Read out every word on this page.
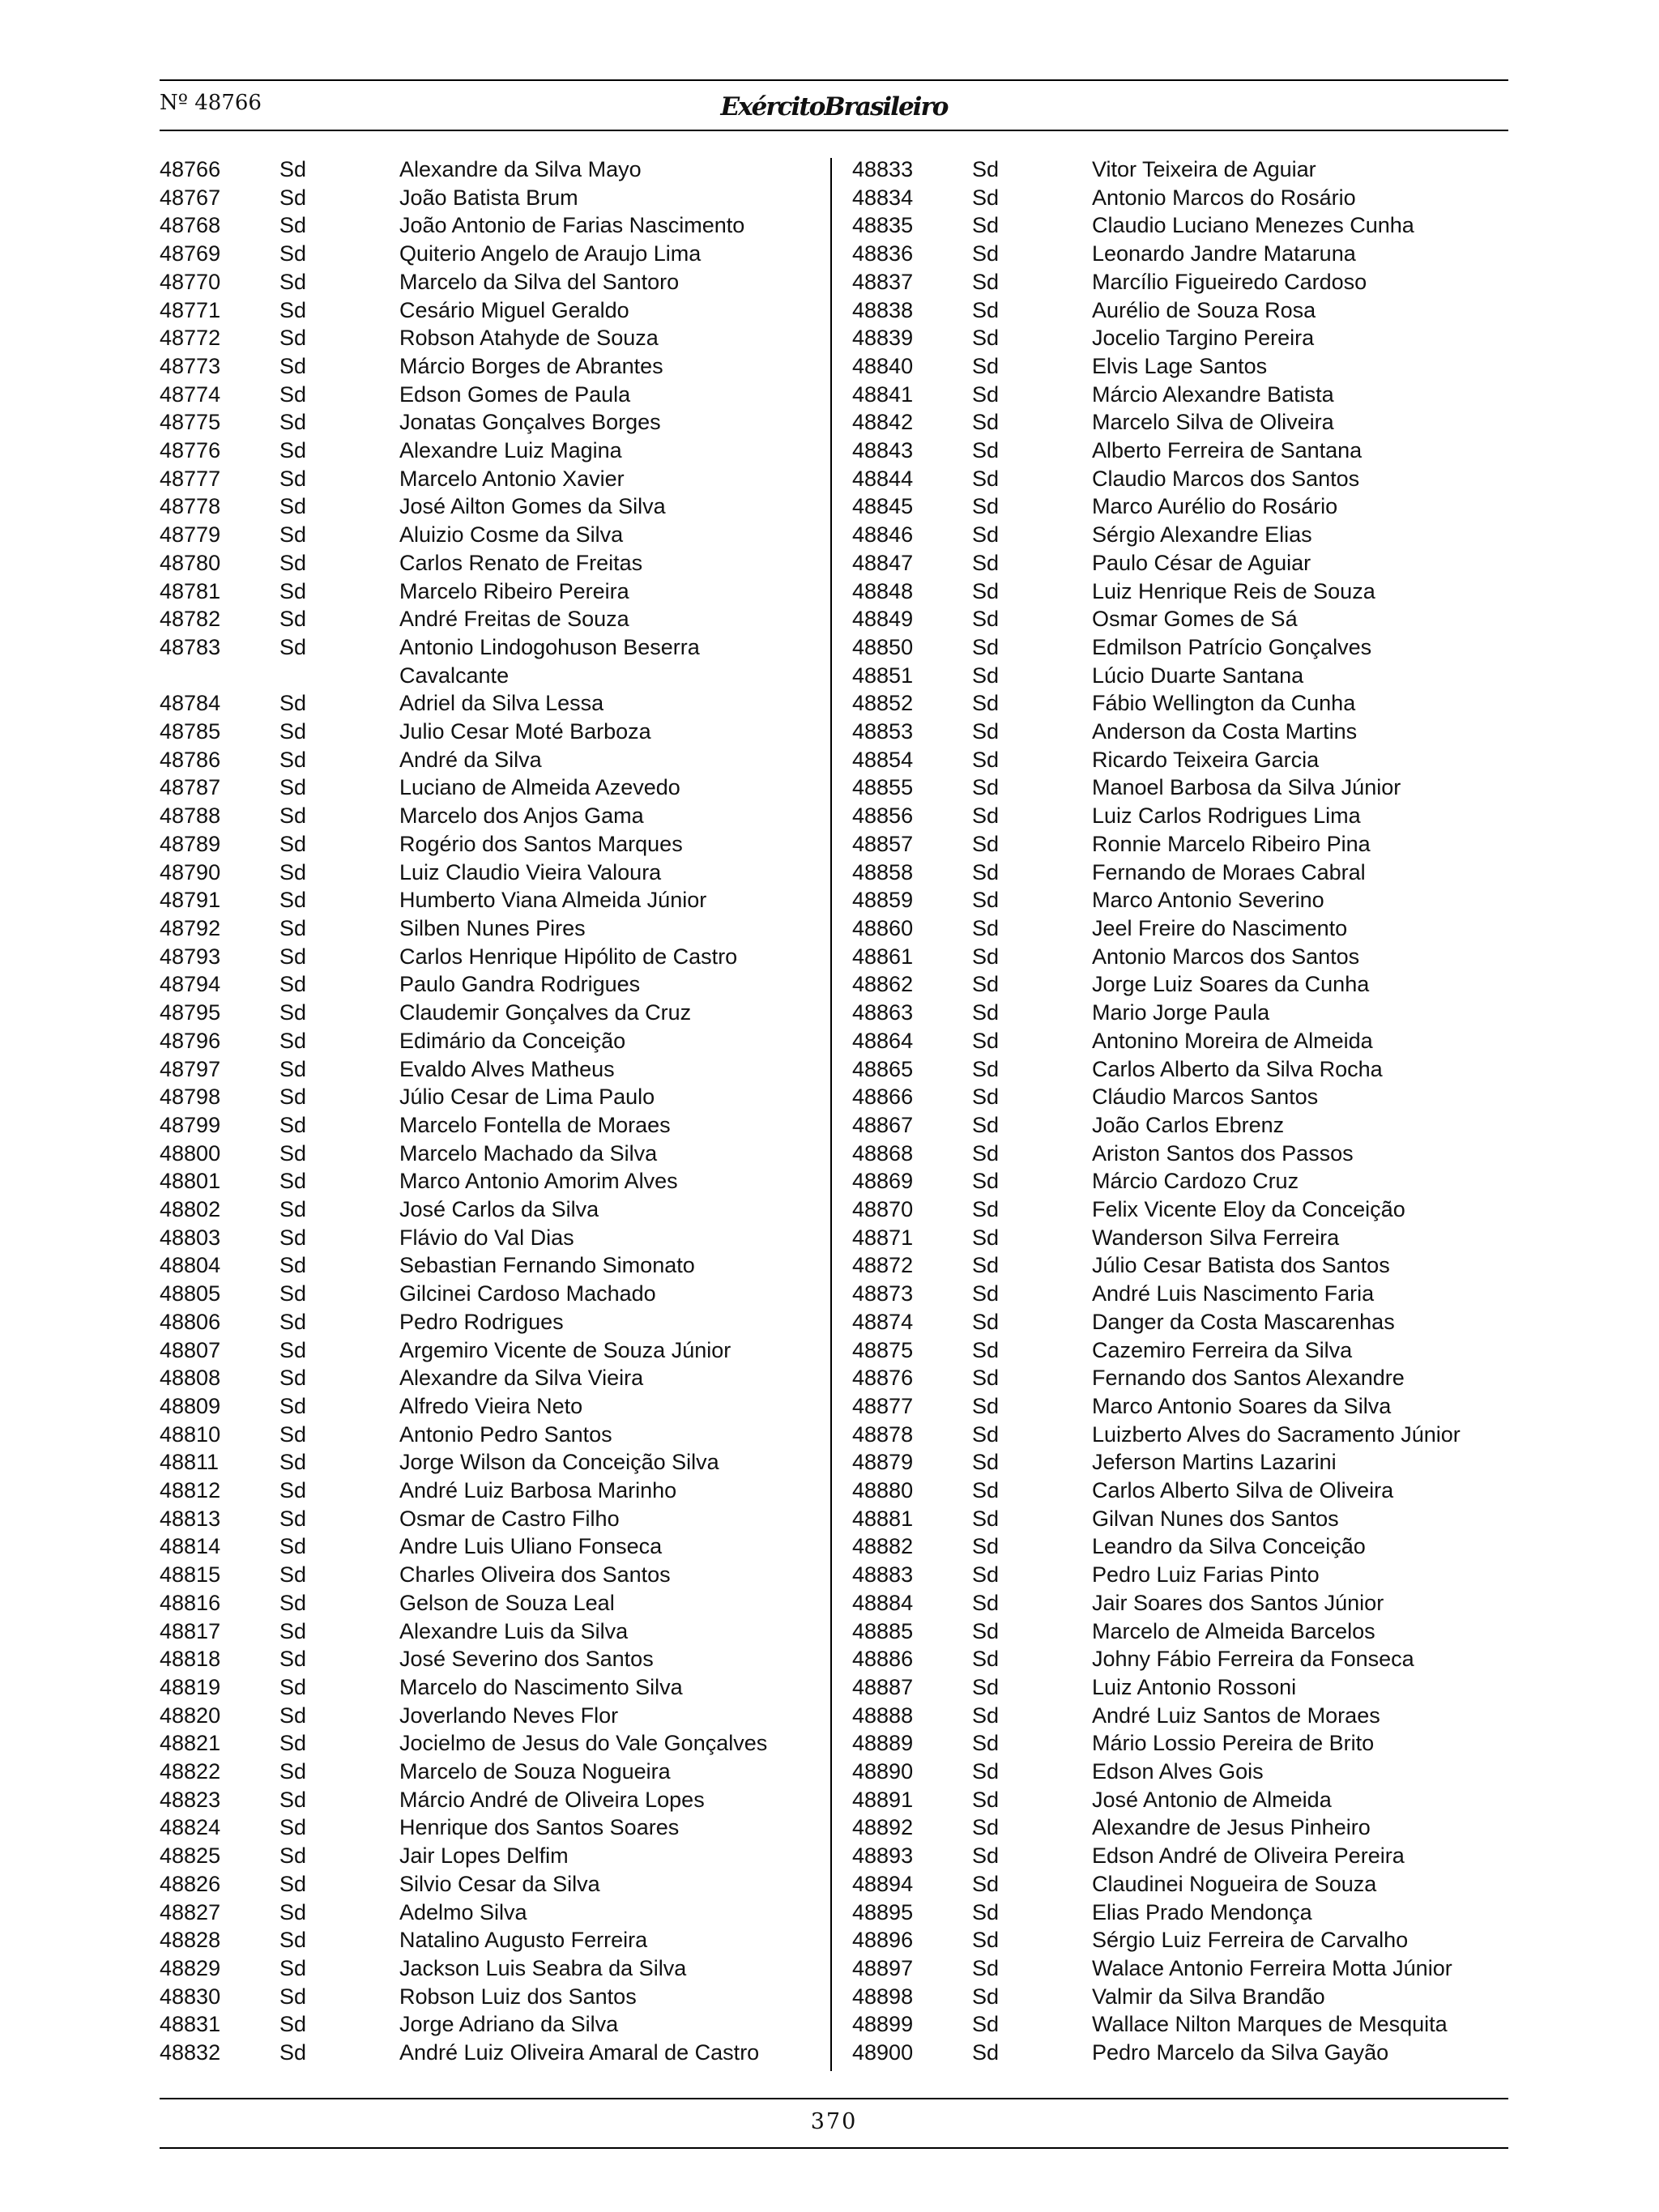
Nº 48766	ExércitoBrasileiro
48766	Sd	Alexandre da Silva Mayo
48767	Sd	João Batista Brum
48768	Sd	João Antonio de Farias Nascimento
48769	Sd	Quiterio Angelo de Araujo Lima
48770	Sd	Marcelo da Silva del Santoro
48771	Sd	Cesário Miguel Geraldo
48772	Sd	Robson Atahyde de Souza
48773	Sd	Márcio Borges de Abrantes
48774	Sd	Edson Gomes de Paula
48775	Sd	Jonatas Gonçalves Borges
48776	Sd	Alexandre Luiz Magina
48777	Sd	Marcelo Antonio Xavier
48778	Sd	José Ailton Gomes da Silva
48779	Sd	Aluizio Cosme da Silva
48780	Sd	Carlos Renato de Freitas
48781	Sd	Marcelo Ribeiro Pereira
48782	Sd	André Freitas de Souza
48783	Sd	Antonio Lindogohuson Beserra
Cavalcante
48784	Sd	Adriel da Silva Lessa
48785	Sd	Julio Cesar Moté Barboza
48786	Sd	André da Silva
48787	Sd	Luciano de Almeida Azevedo
48788	Sd	Marcelo dos Anjos Gama
48789	Sd	Rogério dos Santos Marques
48790	Sd	Luiz Claudio Vieira Valoura
48791	Sd	Humberto Viana Almeida Júnior
48792	Sd	Silben Nunes Pires
48793	Sd	Carlos Henrique Hipólito de Castro
48794	Sd	Paulo Gandra Rodrigues
48795	Sd	Claudemir Gonçalves da Cruz
48796	Sd	Edimário da Conceição
48797	Sd	Evaldo Alves Matheus
48798	Sd	Júlio Cesar de Lima Paulo
48799	Sd	Marcelo Fontella de Moraes
48800	Sd	Marcelo Machado da Silva
48801	Sd	Marco Antonio Amorim Alves
48802	Sd	José Carlos da Silva
48803	Sd	Flávio do Val Dias
48804	Sd	Sebastian Fernando Simonato
48805	Sd	Gilcinei Cardoso Machado
48806	Sd	Pedro Rodrigues
48807	Sd	Argemiro Vicente de Souza Júnior
48808	Sd	Alexandre da Silva Vieira
48809	Sd	Alfredo Vieira Neto
48810	Sd	Antonio Pedro Santos
48811	Sd	Jorge Wilson da Conceição Silva
48812	Sd	André Luiz Barbosa Marinho
48813	Sd	Osmar de Castro Filho
48814	Sd	Andre Luis Uliano Fonseca
48815	Sd	Charles Oliveira dos Santos
48816	Sd	Gelson de Souza Leal
48817	Sd	Alexandre Luis da Silva
48818	Sd	José Severino dos Santos
48819	Sd	Marcelo do Nascimento Silva
48820	Sd	Joverlando Neves Flor
48821	Sd	Jocielmo de Jesus do Vale Gonçalves
48822	Sd	Marcelo de Souza Nogueira
48823	Sd	Márcio André de Oliveira Lopes
48824	Sd	Henrique dos Santos Soares
48825	Sd	Jair Lopes Delfim
48826	Sd	Silvio Cesar da Silva
48827	Sd	Adelmo Silva
48828	Sd	Natalino Augusto Ferreira
48829	Sd	Jackson Luis Seabra da Silva
48830	Sd	Robson Luiz dos Santos
48831	Sd	Jorge Adriano da Silva
48832	Sd	André Luiz Oliveira Amaral de Castro
48833	Sd	Vitor Teixeira de Aguiar
48834	Sd	Antonio Marcos do Rosário
48835	Sd	Claudio Luciano Menezes Cunha
48836	Sd	Leonardo Jandre Mataruna
48837	Sd	Marcílio Figueiredo Cardoso
48838	Sd	Aurélio de Souza Rosa
48839	Sd	Jocelio Targino Pereira
48840	Sd	Elvis Lage Santos
48841	Sd	Márcio Alexandre Batista
48842	Sd	Marcelo Silva de Oliveira
48843	Sd	Alberto Ferreira de Santana
48844	Sd	Claudio Marcos dos Santos
48845	Sd	Marco Aurélio do Rosário
48846	Sd	Sérgio Alexandre Elias
48847	Sd	Paulo César de Aguiar
48848	Sd	Luiz Henrique Reis de Souza
48849	Sd	Osmar Gomes de Sá
48850	Sd	Edmilson Patrício Gonçalves
48851	Sd	Lúcio Duarte Santana
48852	Sd	Fábio Wellington da Cunha
48853	Sd	Anderson da Costa Martins
48854	Sd	Ricardo Teixeira Garcia
48855	Sd	Manoel Barbosa da Silva Júnior
48856	Sd	Luiz Carlos Rodrigues Lima
48857	Sd	Ronnie Marcelo Ribeiro Pina
48858	Sd	Fernando de Moraes Cabral
48859	Sd	Marco Antonio Severino
48860	Sd	Jeel Freire do Nascimento
48861	Sd	Antonio Marcos dos Santos
48862	Sd	Jorge Luiz Soares da Cunha
48863	Sd	Mario Jorge Paula
48864	Sd	Antonino Moreira de Almeida
48865	Sd	Carlos Alberto da Silva Rocha
48866	Sd	Cláudio Marcos Santos
48867	Sd	João Carlos Ebrenz
48868	Sd	Ariston Santos dos Passos
48869	Sd	Márcio Cardozo Cruz
48870	Sd	Felix Vicente Eloy da Conceição
48871	Sd	Wanderson Silva Ferreira
48872	Sd	Júlio Cesar Batista dos Santos
48873	Sd	André Luis Nascimento Faria
48874	Sd	Danger da Costa Mascarenhas
48875	Sd	Cazemiro Ferreira da Silva
48876	Sd	Fernando dos Santos Alexandre
48877	Sd	Marco Antonio Soares da Silva
48878	Sd	Luizberto Alves do Sacramento Júnior
48879	Sd	Jeferson Martins Lazarini
48880	Sd	Carlos Alberto Silva de Oliveira
48881	Sd	Gilvan Nunes dos Santos
48882	Sd	Leandro da Silva Conceição
48883	Sd	Pedro Luiz Farias Pinto
48884	Sd	Jair Soares dos Santos Júnior
48885	Sd	Marcelo de Almeida Barcelos
48886	Sd	Johny Fábio Ferreira da Fonseca
48887	Sd	Luiz Antonio Rossoni
48888	Sd	André Luiz Santos de Moraes
48889	Sd	Mário Lossio Pereira de Brito
48890	Sd	Edson Alves Gois
48891	Sd	José Antonio de Almeida
48892	Sd	Alexandre de Jesus Pinheiro
48893	Sd	Edson André de Oliveira Pereira
48894	Sd	Claudinei Nogueira de Souza
48895	Sd	Elias Prado Mendonça
48896	Sd	Sérgio Luiz Ferreira de Carvalho
48897	Sd	Walace Antonio Ferreira Motta Júnior
48898	Sd	Valmir da Silva Brandão
48899	Sd	Wallace Nilton Marques de Mesquita
48900	Sd	Pedro Marcelo da Silva Gayão
370
